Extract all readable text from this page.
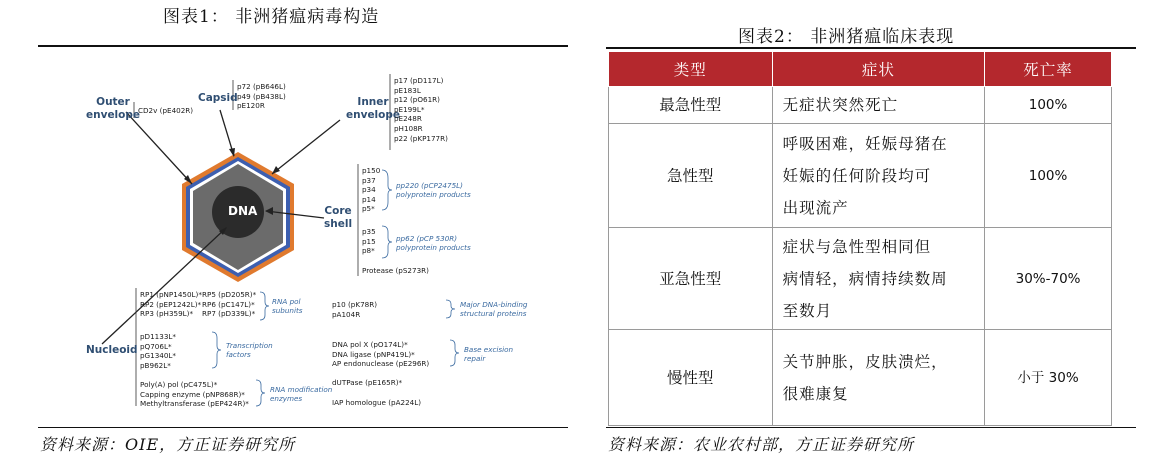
图表1： 非洲猪瘟病毒构造
DNA
Outer
envelope
CD2v (pE402R)
Capsid
p72 (pB646L)
p49 (pB438L)
pE120R	Inner
envelope
p17 (pD117L)
pE183L
p12 (pO61R)
pE199L*
pE248R
pH108R
p22 (pKP177R)
Core
shell
p150
p37
p34
p14
p5*
pp220 (pCP2475L)
polyprotein products
p35
p15
p8*
pp62 (pCP 530R)
polyprotein products
Protease (pS273R)
Nucleoid
RP1 (pNP1450L)*
RP2 (pEP1242L)*
RP3 (pH359L)*
RP5 (pD205R)*
RP6 (pC147L)*
RP7 (pD339L)*
RNA pol
subunits
pD1133L*
pQ706L*
pG1340L*
pB962L*
Transcription
factors
Poly(A) pol (pC475L)*
Capping enzyme (pNP868R)*
Methyltransferase (pEP424R)*
RNA modification
enzymes
p10 (pK78R)
pA104R
Major DNA-binding
structural proteins
DNA pol X (pO174L)*
DNA ligase (pNP419L)*
AP endonuclease (pE296R)
Base excision
repair
dUTPase (pE165R)*
IAP homologue (pA224L)
资料来源：OIE，方正证券研究所
图表2： 非洲猪瘟临床表现
类型	症状	死亡率
最急性型	无症状突然死亡	100%
急性型	呼吸困难，妊娠母猪在
妊娠的任何阶段均可
出现流产	100%
亚急性型	症状与急性型相同但
病情轻，病情持续数周
至数月	30%-70%
慢性型	关节肿胀，皮肤溃烂，
很难康复	小于 30%
资料来源：农业农村部，方正证券研究所
